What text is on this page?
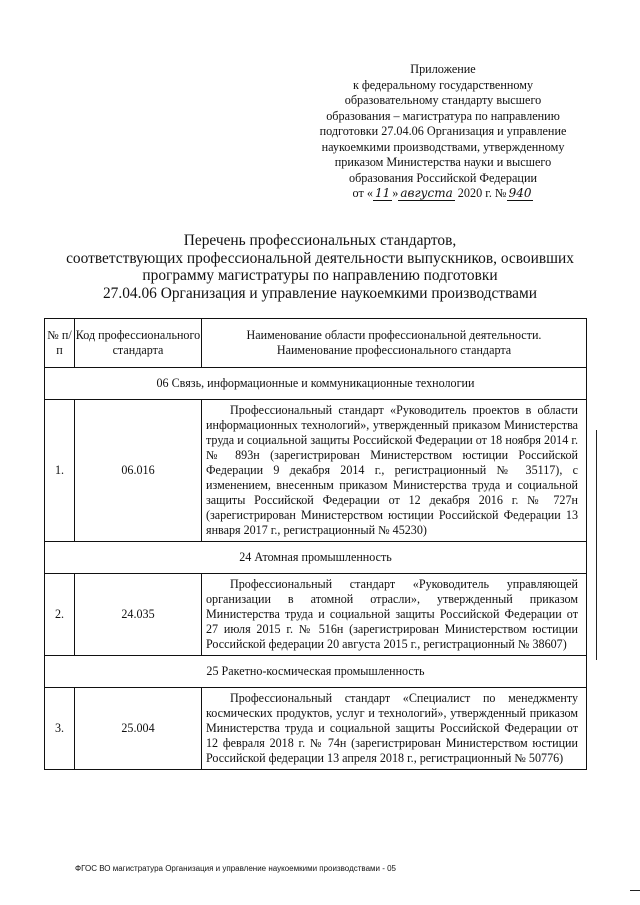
Приложение
к федеральному государственному
образовательному стандарту высшего
образования – магистратура по направлению
подготовки 27.04.06 Организация и управление
наукоемкими производствами, утвержденному
приказом Министерства науки и высшего
образования Российской Федерации
от « 11 » августа 2020 г. № 940
Перечень профессиональных стандартов,
соответствующих профессиональной деятельности выпускников, освоивших
программу магистратуры по направлению подготовки
27.04.06 Организация и управление наукоемкими производствами
№ п/п	Код профессионального стандарта	Наименование области профессиональной деятельности. Наименование профессионального стандарта
06 Связь, информационные и коммуникационные технологии		
1.	06.016	Профессиональный стандарт «Руководитель проектов в области информационных технологий», утвержденный приказом Министерства труда и социальной защиты Российской Федерации от 18 ноября 2014 г. № 893н (зарегистрирован Министерством юстиции Российской Федерации 9 декабря 2014 г., регистрационный № 35117), с изменением, внесенным приказом Министерства труда и социальной защиты Российской Федерации от 12 декабря 2016 г. № 727н (зарегистрирован Министерством юстиции Российской Федерации 13 января 2017 г., регистрационный № 45230)
24 Атомная промышленность		
2.	24.035	Профессиональный стандарт «Руководитель управляющей организации в атомной отрасли», утвержденный приказом Министерства труда и социальной защиты Российской Федерации от 27 июля 2015 г. № 516н (зарегистрирован Министерством юстиции Российской федерации 20 августа 2015 г., регистрационный № 38607)
25 Ракетно-космическая промышленность		
3.	25.004	Профессиональный стандарт «Специалист по менеджменту космических продуктов, услуг и технологий», утвержденный приказом Министерства труда и социальной защиты Российской Федерации от 12 февраля 2018 г. № 74н (зарегистрирован Министерством юстиции Российской федерации 13 апреля 2018 г., регистрационный № 50776)
ФГОС ВО магистратура Организация и управление наукоемкими производствами - 05
